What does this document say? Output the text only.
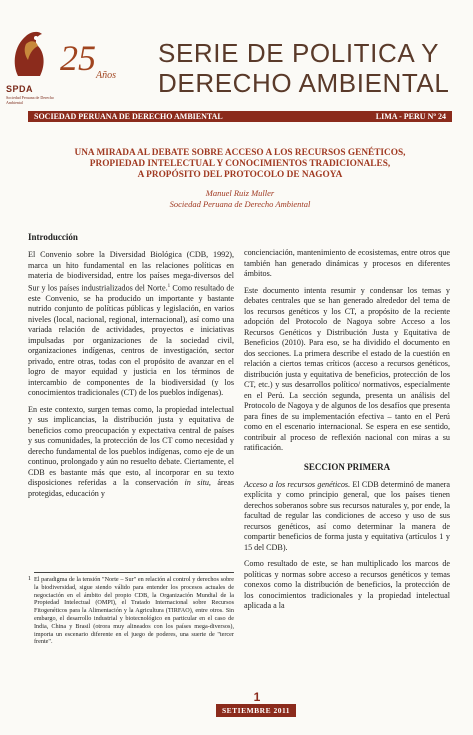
SPDA
Sociedad Peruana de Derecho Ambiental
25 Años
SERIE DE POLITICA Y
DERECHO AMBIENTAL
SOCIEDAD PERUANA DE DERECHO AMBIENTAL	LIMA - PERU Nº 24
UNA MIRADA AL DEBATE SOBRE ACCESO A LOS RECURSOS GENÉTICOS,
PROPIEDAD INTELECTUAL Y CONOCIMIENTOS TRADICIONALES,
A PROPÓSITO DEL PROTOCOLO DE NAGOYA
Manuel Ruiz Muller
Sociedad Peruana de Derecho Ambiental
Introducción

El Convenio sobre la Diversidad Biológica (CDB, 1992), marca un hito fundamental en las relaciones políticas en materia de biodiversidad, entre los países mega-diversos del Sur y los países industrializados del Norte.$^1$ Como resultado de este Convenio, se ha producido un importante y bastante nutrido conjunto de políticas públicas y legislación, en varios niveles (local, nacional, regional, internacional), así como una variada relación de actividades, proyectos e iniciativas impulsadas por organizaciones de la sociedad civil, organizaciones indígenas, centros de investigación, sector privado, entre otras, todas con el propósito de avanzar en el logro de mayor equidad y justicia en los términos de intercambio de componentes de la biodiversidad (y los conocimientos tradicionales (CT) de los pueblos indígenas).

En este contexto, surgen temas como, la propiedad intelectual y sus implicancias, la distribución justa y equitativa de beneficios como preocupación y expectativa central de países y sus comunidades, la protección de los CT como necesidad y derecho fundamental de los pueblos indígenas, como eje de un continuo, prolongado y aún no resuelto debate. Ciertamente, el CDB es bastante más que esto, al incorporar en su texto disposiciones referidas a la conservación in situ, áreas protegidas, educación y

concienciación, mantenimiento de ecosistemas, entre otros que también han generado dinámicas y procesos en diferentes ámbitos.

Este documento intenta resumir y condensar los temas y debates centrales que se han generado alrededor del tema de los recursos genéticos y los CT, a propósito de la reciente adopción del Protocolo de Nagoya sobre Acceso a los Recursos Genéticos y Distribución Justa y Equitativa de Beneficios (2010). Para eso, se ha dividido el documento en dos secciones. La primera describe el estado de la cuestión en relación a ciertos temas críticos (acceso a recursos genéticos, distribución justa y equitativa de beneficios, protección de los CT, etc.) y sus desarrollos político/ normativos, especialmente en el Perú. La sección segunda, presenta un análisis del Protocolo de Nagoya y de algunos de los desafíos que presenta para fines de su implementación efectiva – tanto en el Perú como en el escenario internacional. Se espera en ese sentido, contribuir al proceso de reflexión nacional con miras a su ratificación.

SECCION PRIMERA

Acceso a los recursos genéticos. El CDB determinó de manera explícita y como principio general, que los países tienen derechos soberanos sobre sus recursos naturales y, por ende, la facultad de regular las condiciones de acceso y uso de sus recursos genéticos, así como determinar la manera de compartir beneficios de forma justa y equitativa (artículos 1 y 15 del CDB).

Como resultado de este, se han multiplicado los marcos de políticas y normas sobre acceso a recursos genéticos y temas conexos como la distribución de beneficios, la protección de los conocimientos tradicionales y la propiedad intelectual aplicada a la

1 El paradigma de la tensión "Norte – Sur" en relación al control y derechos sobre la biodiversidad, sigue siendo válido para entender los procesos actuales de negociación en el ámbito del propio CDB, la Organización Mundial de la Propiedad Intelectual (OMPI), el Tratado Internacional sobre Recursos Fitogenéticos para la Alimentación y la Agricultura (TIRFAO), entre otros. Sin embargo, el desarrollo industrial y biotecnológico en particular en el caso de India, China y Brasil (otrora muy alineados con los países mega-diversos), importa un escenario diferente en el juego de poderes, una suerte de "tercer frente".
1
SETIEMBRE 2011
